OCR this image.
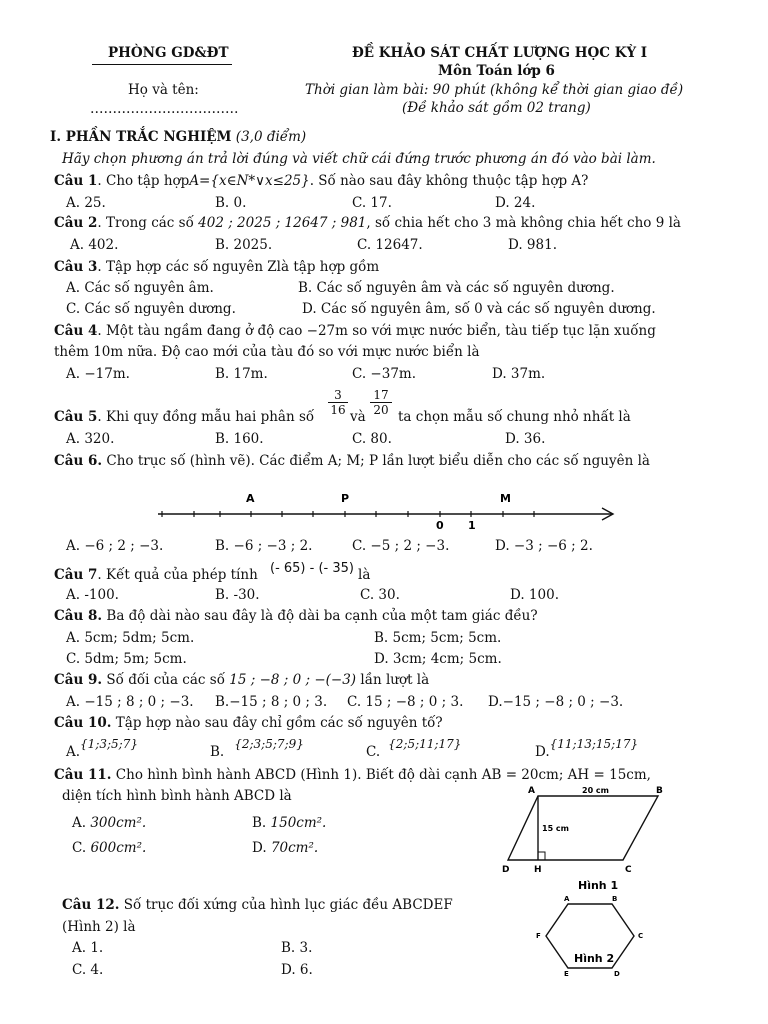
PHÒNG GD&ĐT	ĐỀ KHẢO SÁT CHẤT LƯỢNG HỌC KỲ I
Môn Toán lớp 6
Họ và tên:
……………………………
Thời gian làm bài: 90 phút (không kể thời gian giao đề)
(Đề khảo sát gồm 02 trang)
I. PHẦN TRẮC NGHIỆM (3,0 điểm)
Hãy chọn phương án trả lời đúng và viết chữ cái đứng trước phương án đó vào bài làm.
Câu 1. Cho tập hợpA={x∈N*∨x≤25}. Số nào sau đây không thuộc tập hợp A?
A. 25.	B. 0.	C. 17.	D. 24.
Câu 2. Trong các số 402 ; 2025 ; 12647 ; 981, số chia hết cho 3 mà không chia hết cho 9 là
A. 402.	B. 2025.	C. 12647.	D. 981.
Câu 3. Tập hợp các số nguyên Zlà tập hợp gồm
A. Các số nguyên âm.	B. Các số nguyên âm và các số nguyên dương.
C. Các số nguyên dương.	D. Các số nguyên âm, số 0 và các số nguyên dương.
Câu 4. Một tàu ngầm đang ở độ cao −27m so với mực nước biển, tàu tiếp tục lặn xuống
thêm 10m nữa. Độ cao mới của tàu đó so với mực nước biển là
A. −17m.	B. 17m.	C. −37m.	D. 37m.
Câu 5. Khi quy đồng mẫu hai phân số $\frac{3}{16}$ và $\frac{17}{20}$ ta chọn mẫu số chung nhỏ nhất là
A. 320.	B. 160.	C. 80.	D. 36.
Câu 6. Cho trục số (hình vẽ). Các điểm A; M; P lần lượt biểu diễn cho các số nguyên là
A	P	M
0 1
A. −6 ; 2 ; −3.	B. −6 ; −3 ; 2.	C. −5 ; 2 ; −3.	D. −3 ; −6 ; 2.
Câu 7. Kết quả của phép tính (- 65) - (- 35) là
A. -100.	B. -30.	C. 30.	D. 100.
Câu 8. Ba độ dài nào sau đây là độ dài ba cạnh của một tam giác đều?
A. 5cm; 5dm; 5cm.	B. 5cm; 5cm; 5cm.
C. 5dm; 5m; 5cm.	D. 3cm; 4cm; 5cm.
Câu 9. Số đối của các số 15 ; −8 ; 0 ; −(−3) lần lượt là
A. −15 ; 8 ; 0 ; −3. B.−15 ; 8 ; 0 ; 3. C. 15 ; −8 ; 0 ; 3. D.−15 ; −8 ; 0 ; −3.
Câu 10. Tập hợp nào sau đây chỉ gồm các số nguyên tố?
A.{1;3;5;7}	B. {2;3;5;7;9}	C. {2;5;11;17}	D.{11;13;15;17}
Câu 11. Cho hình bình hành ABCD (Hình 1). Biết độ dài cạnh AB = 20cm; AH = 15cm,
diện tích hình bình hành ABCD là
A. 300cm².	B. 150cm².
C. 600cm².	D. 70cm².
A	B
C
D	H
20 cm
15 cm
Hình 1
Câu 12. Số trục đối xứng của hình lục giác đều ABCDEF
(Hình 2) là
A. 1.	B. 3.
C. 4.	D. 6.
A	B
C
D
E
F
Hình 2
